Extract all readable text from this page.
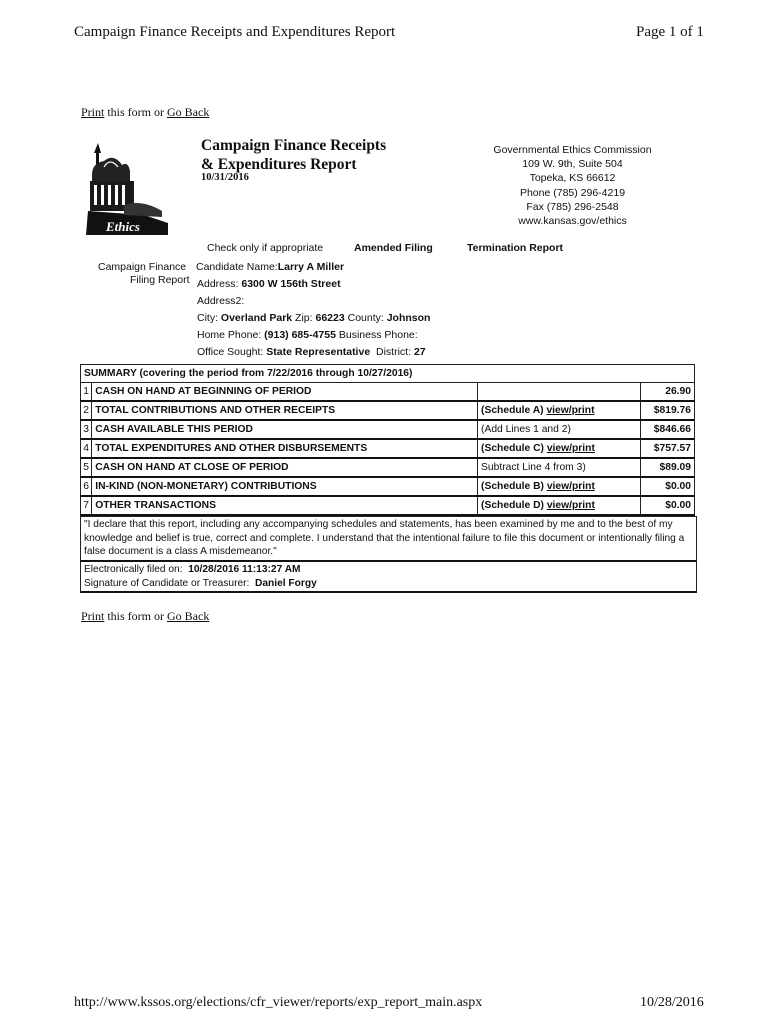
Campaign Finance Receipts and Expenditures Report	Page 1 of 1
Print this form or Go Back
Ethics
Campaign Finance Receipts
& Expenditures Report
10/31/2016
Governmental Ethics Commission
109 W. 9th, Suite 504
Topeka, KS 66612
Phone (785) 296-4219
Fax (785) 296-2548
www.kansas.gov/ethics
Check only if appropriate	Amended Filing	Termination Report
Campaign Finance
Filing Report
Candidate Name:Larry A Miller
Address: 6300 W 156th Street
Address2:
City: Overland Park Zip: 66223 County: Johnson
Home Phone: (913) 685-4755 Business Phone:
Office Sought: State Representative District: 27
SUMMARY (covering the period from 7/22/2016 through 10/27/2016)			
1	CASH ON HAND AT BEGINNING OF PERIOD		26.90
2	TOTAL CONTRIBUTIONS AND OTHER RECEIPTS	(Schedule A) view/print	$819.76
3	CASH AVAILABLE THIS PERIOD	(Add Lines 1 and 2)	$846.66
4	TOTAL EXPENDITURES AND OTHER DISBURSEMENTS	(Schedule C) view/print	$757.57
5	CASH ON HAND AT CLOSE OF PERIOD	Subtract Line 4 from 3)	$89.09
6	IN-KIND (NON-MONETARY) CONTRIBUTIONS	(Schedule B) view/print	$0.00
7	OTHER TRANSACTIONS	(Schedule D) view/print	$0.00
"I declare that this report, including any accompanying schedules and statements, has been examined by me and to the best of my knowledge and belief is true, correct and complete. I understand that the intentional failure to file this document or intentionally filing a false document is a class A misdemeanor."
Electronically filed on: 10/28/2016 11:13:27 AM
Signature of Candidate or Treasurer: Daniel Forgy
Print this form or Go Back
http://www.kssos.org/elections/cfr_viewer/reports/exp_report_main.aspx	10/28/2016
